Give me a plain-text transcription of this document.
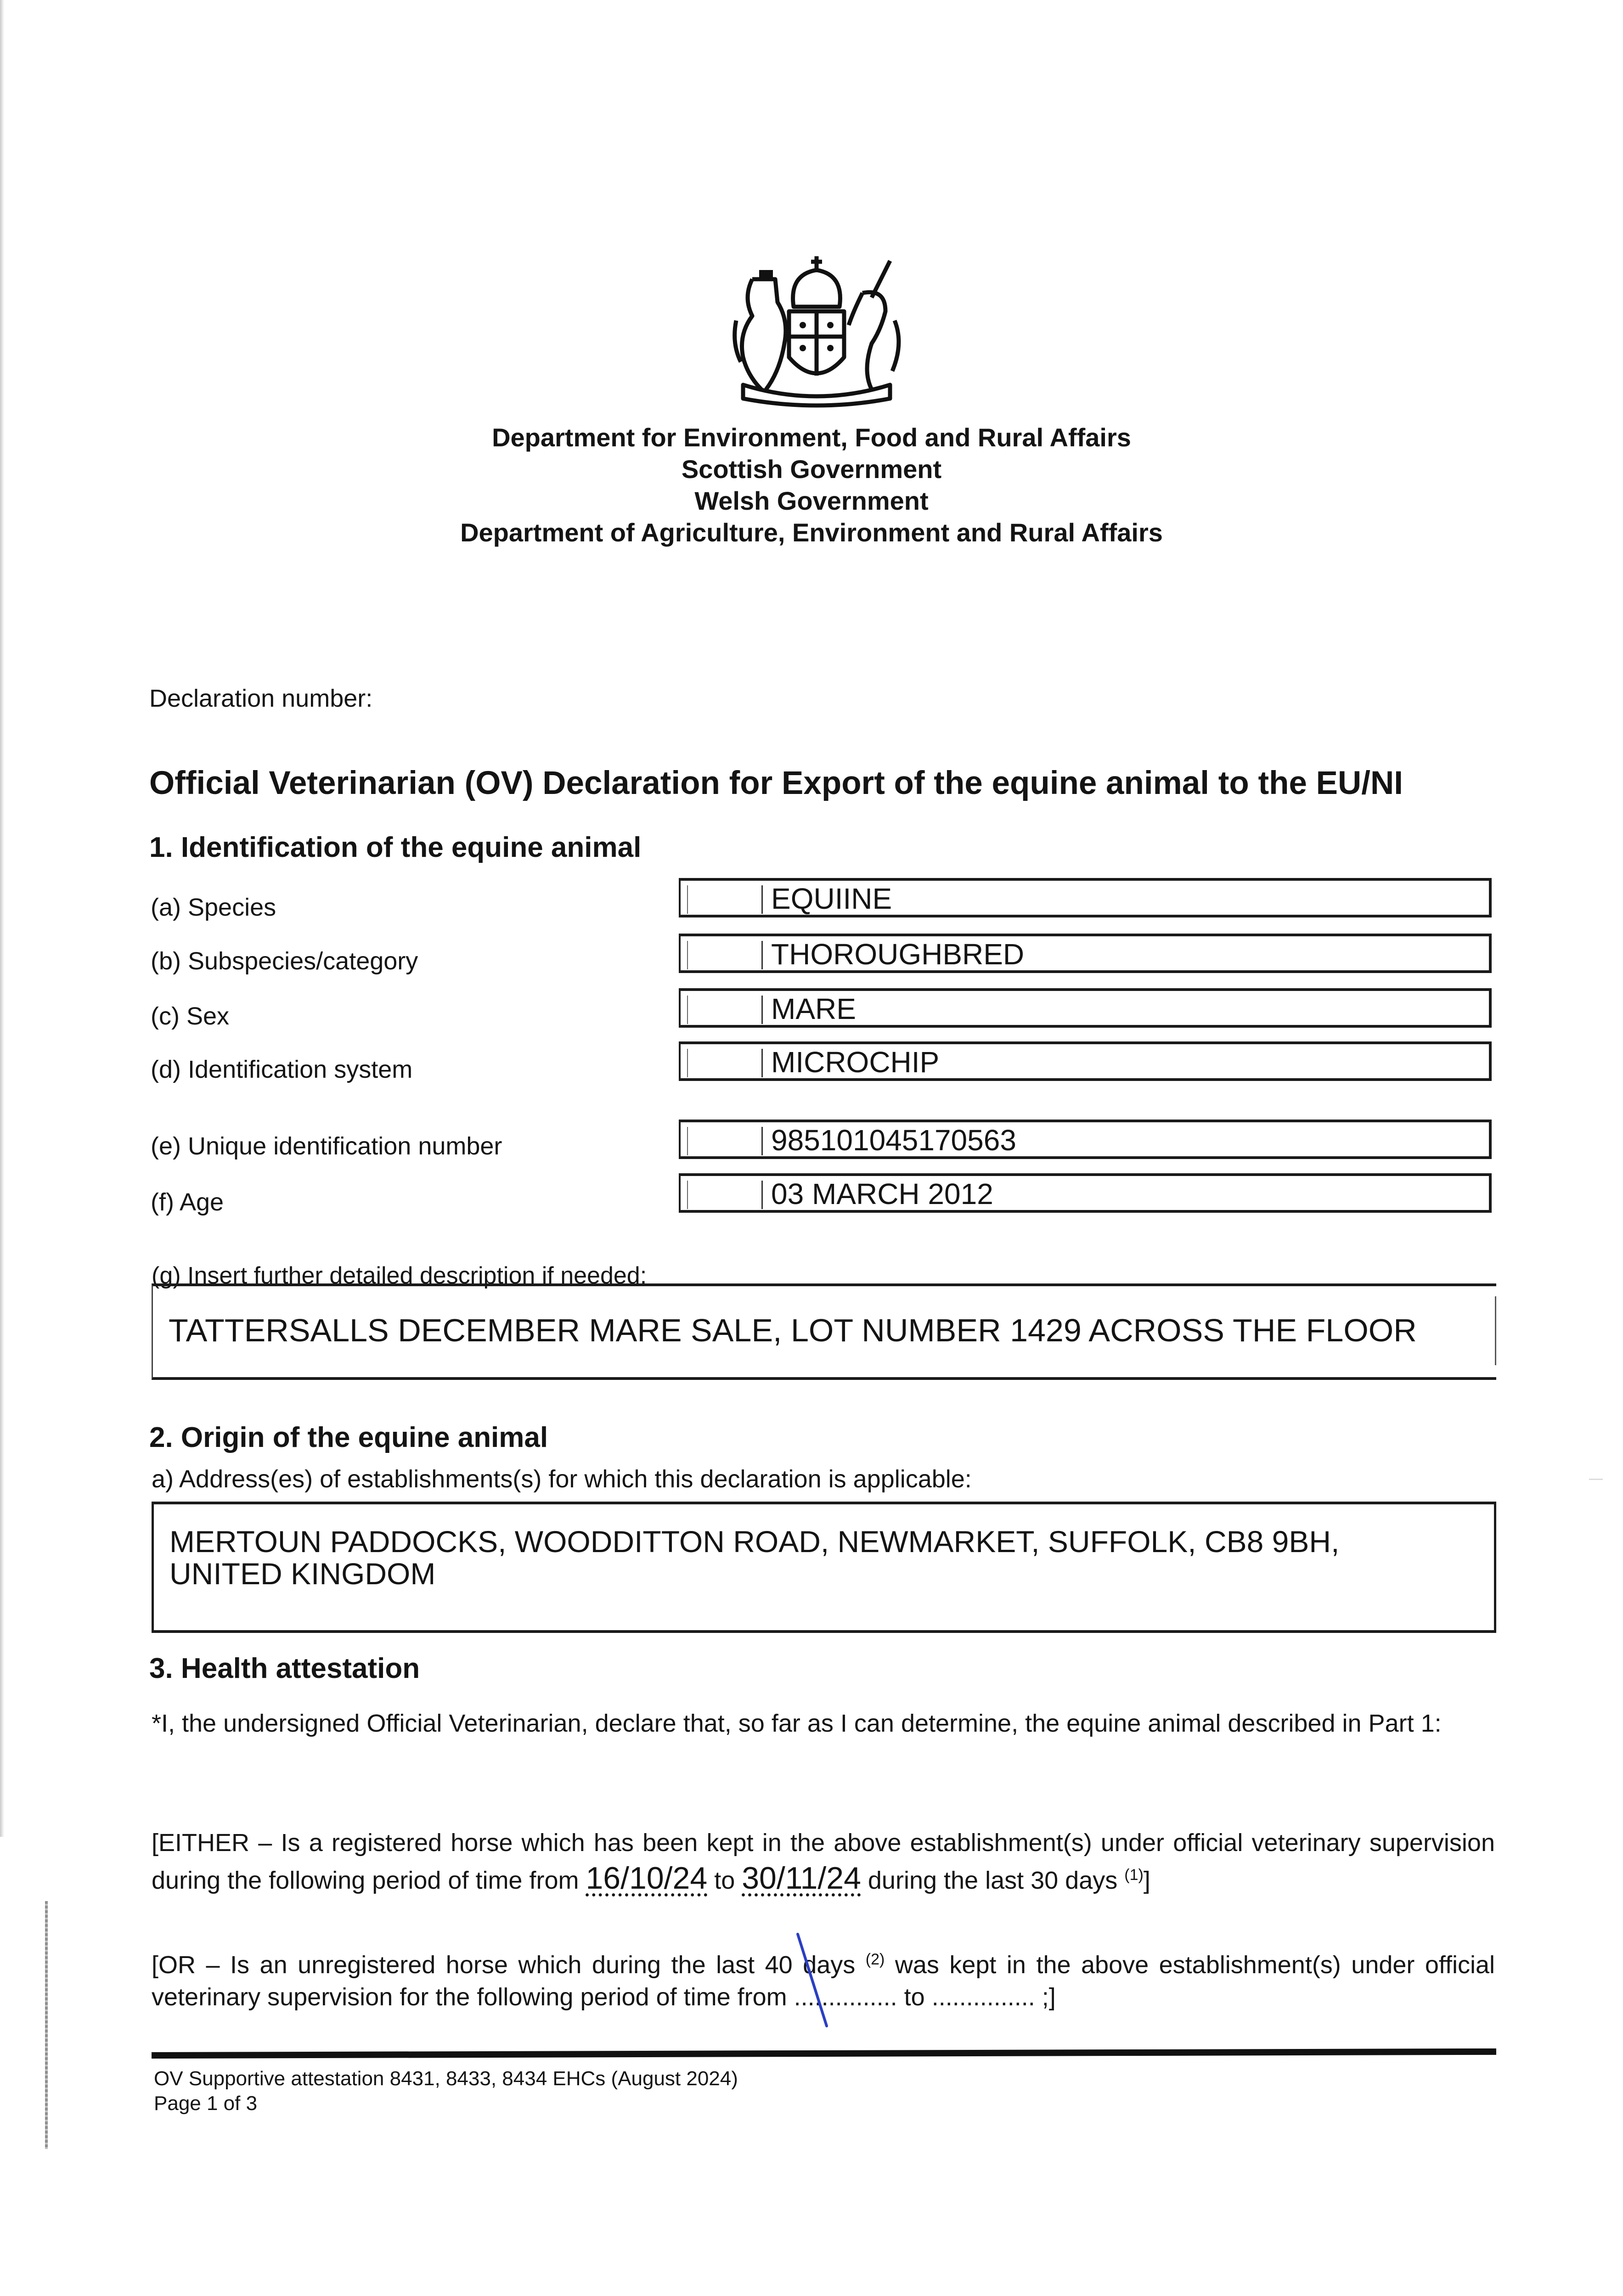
Department for Environment, Food and Rural Affairs
Scottish Government
Welsh Government
Department of Agriculture, Environment and Rural Affairs
Declaration number:
Official Veterinarian (OV) Declaration for Export of the equine animal to the EU/NI
1. Identification of the equine animal
(a) Species	EQUIINE
(b) Subspecies/category	THOROUGHBRED
(c) Sex	MARE
(d) Identification system	MICROCHIP
(e) Unique identification number	985101045170563
(f) Age	03 MARCH 2012
(g) Insert further detailed description if needed:
TATTERSALLS DECEMBER MARE SALE, LOT NUMBER 1429 ACROSS THE FLOOR
2. Origin of the equine animal
a) Address(es) of establishments(s) for which this declaration is applicable:
MERTOUN PADDOCKS, WOODDITTON ROAD, NEWMARKET, SUFFOLK, CB8 9BH,
UNITED KINGDOM
3. Health attestation
*I, the undersigned Official Veterinarian, declare that, so far as I can determine, the equine animal described in Part 1:
[EITHER – Is a registered horse which has been kept in the above establishment(s) under official veterinary supervision during the following period of time from 16/10/24 to 30/11/24 during the last 30 days $^{(1)}$]
[OR – Is an unregistered horse which during the last 40 days $^{(2)}$ was kept in the above establishment(s) under official veterinary supervision for the following period of time from ............... to ............... ;]
OV Supportive attestation 8431, 8433, 8434 EHCs (August 2024)
Page 1 of 3
